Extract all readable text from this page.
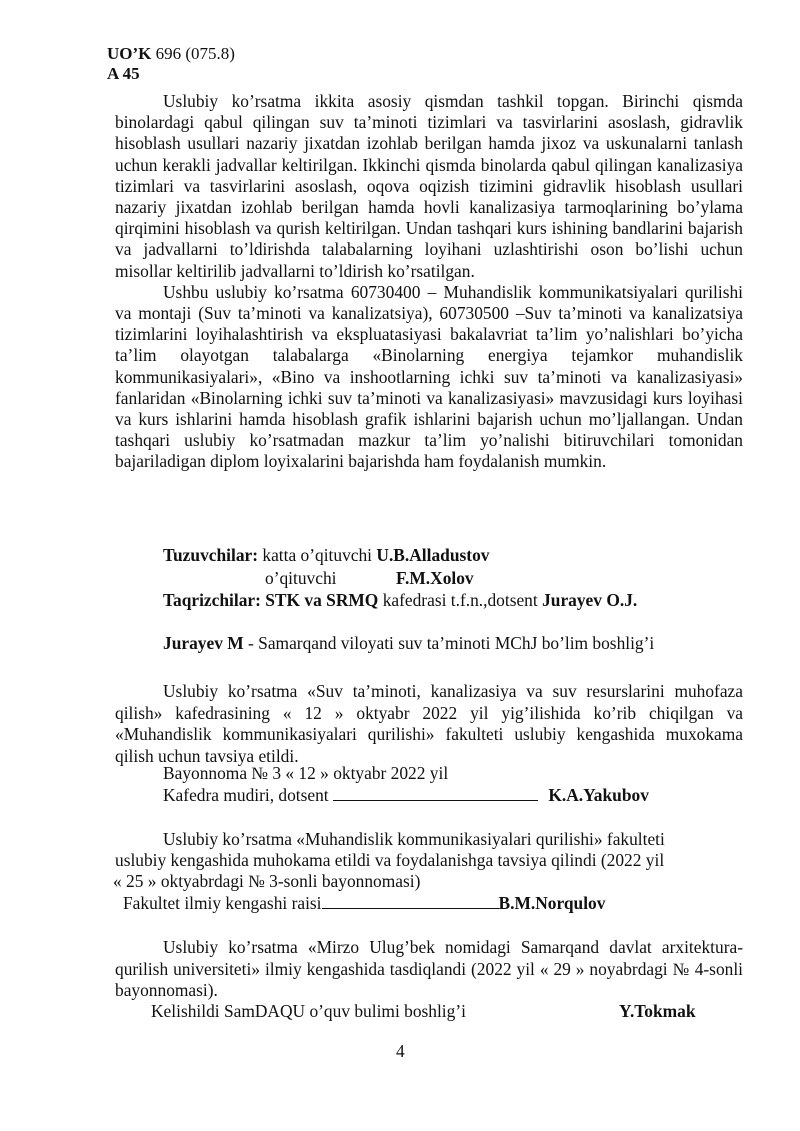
UO’K 696 (075.8)
A 45

Uslubiy ko’rsatma ikkita asosiy qismdan tashkil topgan. Birinchi qismda binolardagi qabul qilingan suv ta’minoti tizimlari va tasvirlarini asoslash, gidravlik hisoblash usullari nazariy jixatdan izohlab berilgan hamda jixoz va uskunalarni tanlash uchun kerakli jadvallar keltirilgan. Ikkinchi qismda binolarda qabul qilingan kanalizasiya tizimlari va tasvirlarini asoslash, oqova oqizish tizimini gidravlik hisoblash usullari nazariy jixatdan izohlab berilgan hamda hovli kanalizasiya tarmoqlarining bo’ylama qirqimini hisoblash va qurish keltirilgan. Undan tashqari kurs ishining bandlarini bajarish va jadvallarni to’ldirishda talabalarning loyihani uzlashtirishi oson bo’lishi uchun misollar keltirilib jadvallarni to’ldirish ko’rsatilgan.

Ushbu uslubiy ko’rsatma 60730400 – Muhandislik kommunikatsiyalari qurilishi va montaji (Suv ta’minoti va kanalizatsiya), 60730500 –Suv ta’minoti va kanalizatsiya tizimlarini loyihalashtirish va ekspluatasiyasi bakalavriat ta’lim yo’nalishlari bo’yicha ta’lim olayotgan talabalarga «Binolarning energiya tejamkor muhandislik kommunikasiyalari», «Bino va inshootlarning ichki suv ta’minoti va kanalizasiyasi» fanlaridan «Binolarning ichki suv ta’minoti va kanalizasiyasi» mavzusidagi kurs loyihasi va kurs ishlarini hamda hisoblash grafik ishlarini bajarish uchun mo’ljallangan. Undan tashqari uslubiy ko’rsatmadan mazkur ta’lim yo’nalishi bitiruvchilari tomonidan bajariladigan diplom loyixalarini bajarishda ham foydalanish mumkin.

Tuzuvchilar: katta o’qituvchi U.B.Alladustov
o’qituvchi	F.M.Xolov
Taqrizchilar: STK va SRMQ kafedrasi t.f.n.,dotsent Jurayev O.J.
Jurayev M - Samarqand viloyati suv ta’minoti MChJ bo’lim boshlig’i

Uslubiy ko’rsatma «Suv ta’minoti, kanalizasiya va suv resurslarini muhofaza qilish» kafedrasining « 12 » oktyabr 2022 yil yig’ilishida ko’rib chiqilgan va «Muhandislik kommunikasiyalari qurilishi» fakulteti uslubiy kengashida muxokama qilish uchun tavsiya etildi.

Bayonnoma № 3 « 12 » oktyabr 2022 yil
Kafedra mudiri, dotsent	K.A.Yakubov
Uslubiy ko’rsatma «Muhandislik kommunikasiyalari qurilishi» fakulteti
uslubiy kengashida muhokama etildi va foydalanishga tavsiya qilindi (2022 yil
« 25 » oktyabrdagi № 3-sonli bayonnomasi)
Fakultet ilmiy kengashi raisi	B.M.Norqulov

Uslubiy ko’rsatma «Mirzo Ulug’bek nomidagi Samarqand davlat arxitektura-qurilish universiteti» ilmiy kengashida tasdiqlandi (2022 yil « 29 » noyabrdagi № 4-sonli bayonnomasi).

Kelishildi SamDAQU o’quv bulimi boshlig’i	Y.Tokmak
4
